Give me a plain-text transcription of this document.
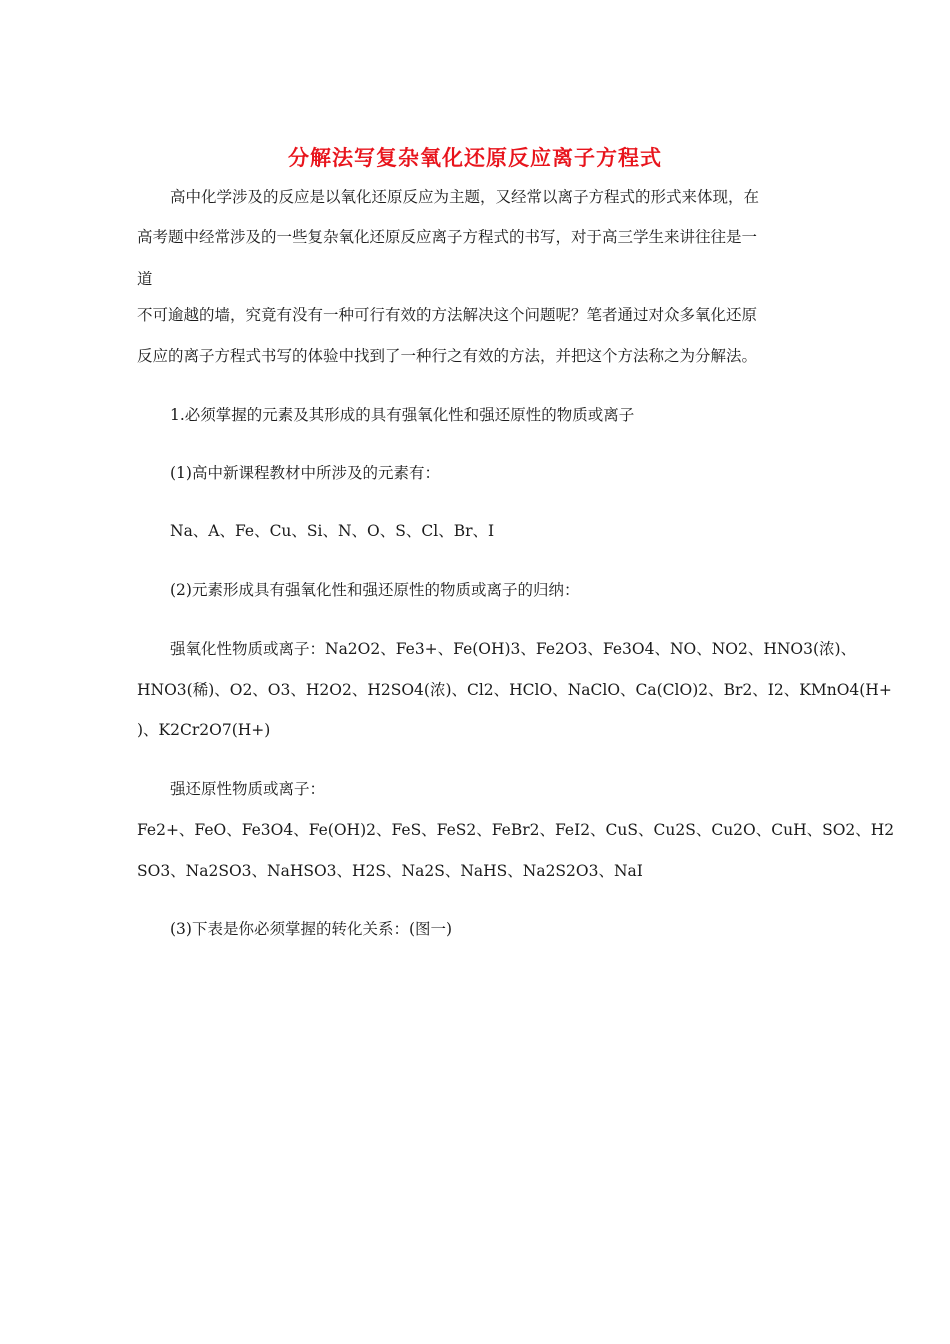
分解法写复杂氧化还原反应离子方程式

高中化学涉及的反应是以氧化还原反应为主题，又经常以离子方程式的形式来体现，在

高考题中经常涉及的一些复杂氧化还原反应离子方程式的书写，对于高三学生来讲往往是一

道

不可逾越的墙，究竟有没有一种可行有效的方法解决这个问题呢？笔者通过对众多氧化还原

反应的离子方程式书写的体验中找到了一种行之有效的方法，并把这个方法称之为分解法。

1.必须掌握的元素及其形成的具有强氧化性和强还原性的物质或离子

(1)高中新课程教材中所涉及的元素有：

Na、A、Fe、Cu、Si、N、O、S、Cl、Br、I

(2)元素形成具有强氧化性和强还原性的物质或离子的归纳：

强氧化性物质或离子：Na2O2、Fe3+、Fe(OH)3、Fe2O3、Fe3O4、NO、NO2、HNO3(浓)、

HNO3(稀)、O2、O3、H2O2、H2SO4(浓)、Cl2、HClO、NaClO、Ca(ClO)2、Br2、I2、KMnO4(H+

)、K2Cr2O7(H+)

强还原性物质或离子：

Fe2+、FeO、Fe3O4、Fe(OH)2、FeS、FeS2、FeBr2、FeI2、CuS、Cu2S、Cu2O、CuH、SO2、H2

SO3、Na2SO3、NaHSO3、H2S、Na2S、NaHS、Na2S2O3、NaI

(3)下表是你必须掌握的转化关系：(图一)
